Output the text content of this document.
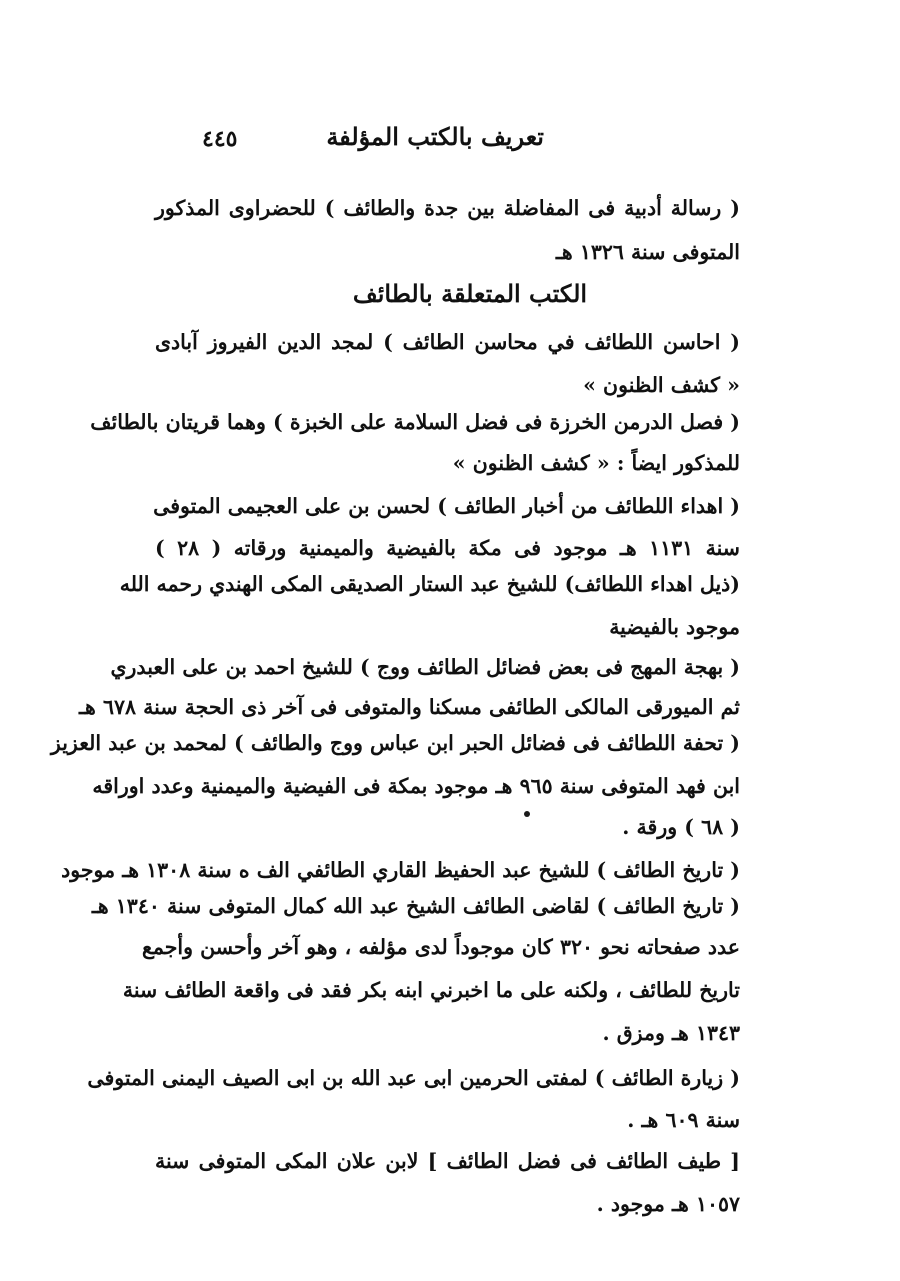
٤٤٥	تعريف بالكتب المؤلفة
( رسالة أدبية فى المفاضلة بين جدة والطائف ) للحضراوى المذكور
المتوفى سنة ١٣٢٦ هـ
الكتب المتعلقة بالطائف
( احاسن اللطائف في محاسن الطائف ) لمجد الدين الفيروز آبادى
« كشف الظنون »
( فصل الدرمن الخرزة فى فضل السلامة على الخبزة ) وهما قريتان بالطائف
للمذكور ايضاً : « كشف الظنون »
( اهداء اللطائف من أخبار الطائف ) لحسن بن على العجيمى المتوفى
سنة ١١٣١ هـ موجود فى مكة بالفيضية والميمنية ورقاته ( ٢٨ )
(ذيل اهداء اللطائف) للشيخ عبد الستار الصديقى المكى الهندي رحمه الله
موجود بالفيضية
( بهجة المهج فى بعض فضائل الطائف ووج ) للشيخ احمد بن على العبدري
ثم الميورقى المالكى الطائفى مسكنا والمتوفى فى آخر ذى الحجة سنة ٦٧٨ هـ
( تحفة اللطائف فى فضائل الحبر ابن عباس ووج والطائف ) لمحمد بن عبد العزيز
ابن فهد المتوفى سنة ٩٦٥ هـ موجود بمكة فى الفيضية والميمنية وعدد اوراقه
( ٦٨ ) ورقة .
( تاريخ الطائف ) للشيخ عبد الحفيظ القاري الطائفي الف ه سنة ١٣٠٨ هـ موجود
( تاريخ الطائف ) لقاضى الطائف الشيخ عبد الله كمال المتوفى سنة ١٣٤٠ هـ
عدد صفحاته نحو ٣٢٠ كان موجوداً لدى مؤلفه ، وهو آخر وأحسن وأجمع
تاريخ للطائف ، ولكنه على ما اخبرني ابنه بكر فقد فى واقعة الطائف سنة
١٣٤٣ هـ ومزق .
( زيارة الطائف ) لمفتى الحرمين ابى عبد الله بن ابى الصيف اليمنى المتوفى
سنة ٦٠٩ هـ .
[ طيف الطائف فى فضل الطائف ] لابن علان المكى المتوفى سنة
١٠٥٧ هـ موجود .
